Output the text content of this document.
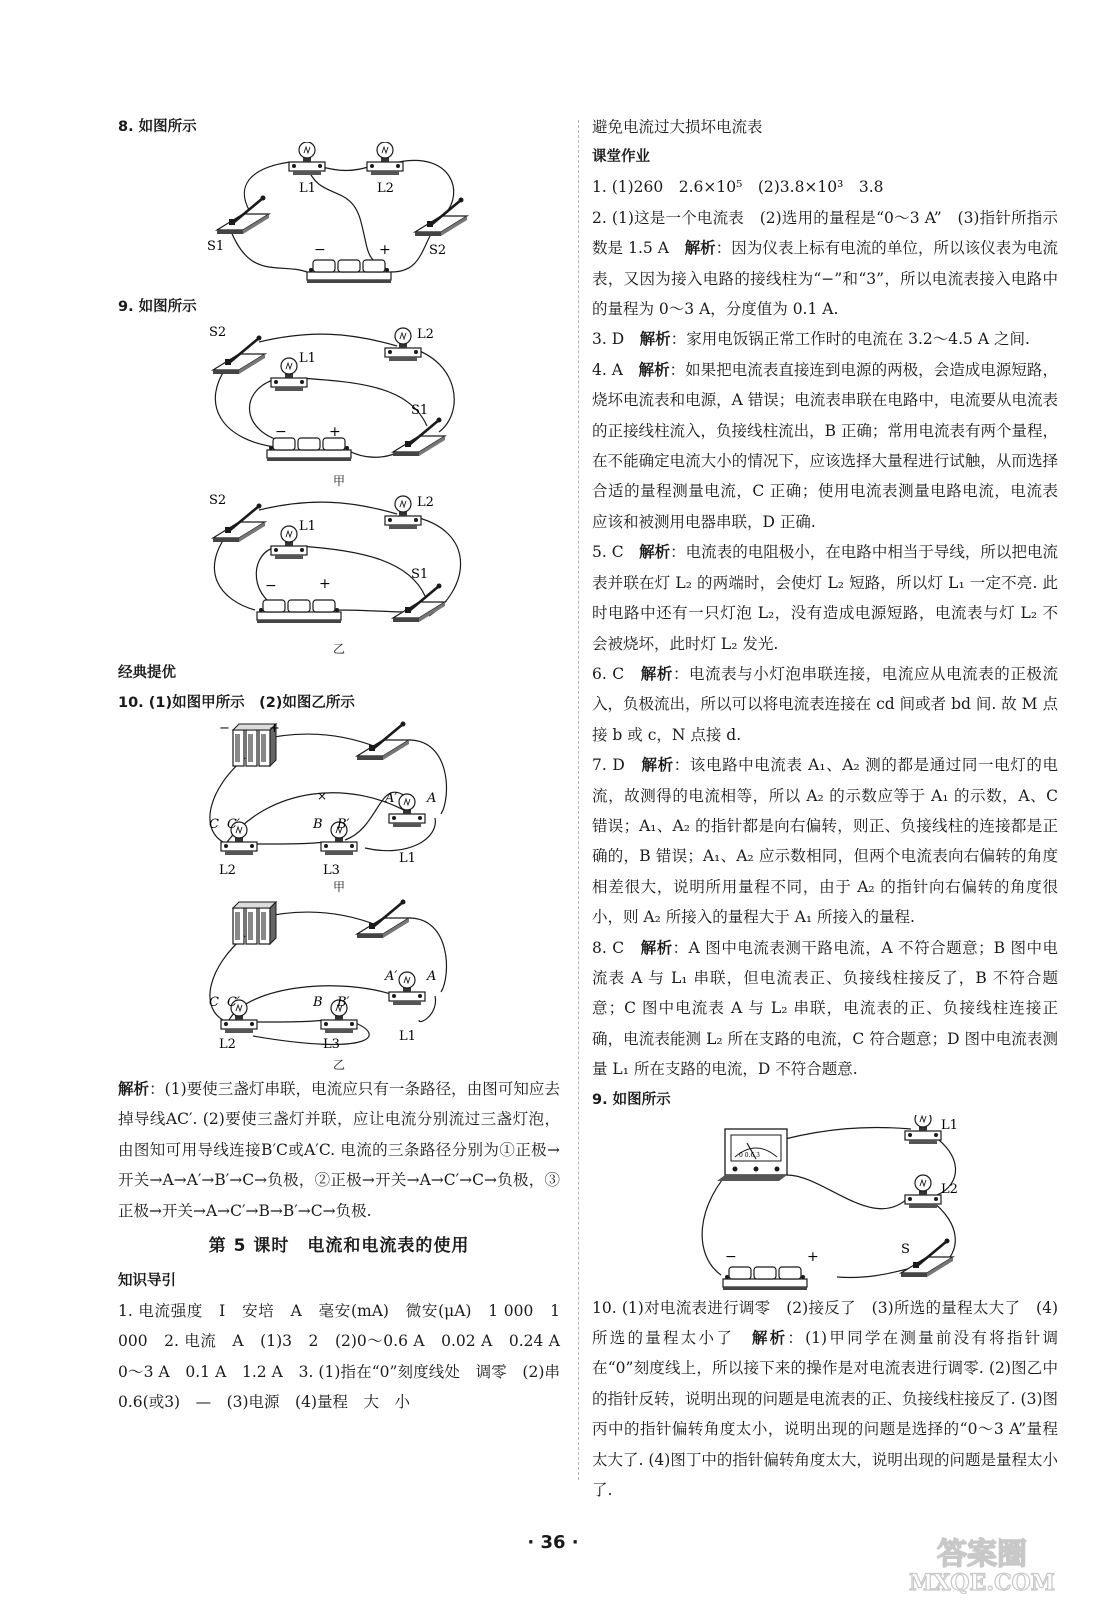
8. 如图所示
L1	L2
S1	S2
−	+
9. 如图所示
S2	L2
L1
S1
−	+
甲
S2	L2
L1
S1
−	+
乙
经典提优
10. (1)如图甲所示　(2)如图乙所示
×
−	+
A′ A
L1
C C′	B B′
L2	L3
甲
A′ A
L1
C C′	B B′
L2	L3
乙
解析：(1)要使三盏灯串联，电流应只有一条路径，由图可知应去掉导线AC′. (2)要使三盏灯并联，应让电流分别流过三盏灯泡，由图知可用导线连接B′C或A′C. 电流的三条路径分别为①正极→开关→A→A′→B′→C→负极，②正极→开关→A→C′→C→负极，③正极→开关→A→C′→B→B′→C→负极.
第 5 课时　电流和电流表的使用
知识导引
1. 电流强度　I　安培　A　毫安(mA)　微安(μA)　1 000　1 000　2. 电流　A　(1)3　2　(2)0～0.6 A　0.02 A　0.24 A　0～3 A　0.1 A　1.2 A　3. (1)指在“0”刻度线处　调零　(2)串　0.6(或3)　—　(3)电源　(4)量程　大　小
避免电流过大损坏电流表
课堂作业
1. (1)260　2.6×10⁵　(2)3.8×10³　3.8
2. (1)这是一个电流表　(2)选用的量程是“0～3 A”　(3)指针所指示数是 1.5 A　 解析：因为仪表上标有电流的单位，所以该仪表为电流表，又因为接入电路的接线柱为“−”和“3”，所以电流表接入电路中的量程为 0～3 A，分度值为 0.1 A.
3. D　 解析：家用电饭锅正常工作时的电流在 3.2～4.5 A 之间.
4. A　 解析：如果把电流表直接连到电源的两极，会造成电源短路，烧坏电流表和电源，A 错误；电流表串联在电路中，电流要从电流表的正接线柱流入，负接线柱流出，B 正确；常用电流表有两个量程，在不能确定电流大小的情况下，应该选择大量程进行试触，从而选择合适的量程测量电流，C 正确；使用电流表测量电路电流，电流表应该和被测用电器串联，D 正确.
5. C　 解析：电流表的电阻极小，在电路中相当于导线，所以把电流表并联在灯 L₂ 的两端时，会使灯 L₂ 短路，所以灯 L₁ 一定不亮. 此时电路中还有一只灯泡 L₂，没有造成电源短路，电流表与灯 L₂ 不会被烧坏，此时灯 L₂ 发光.
6. C　 解析：电流表与小灯泡串联连接，电流应从电流表的正极流入，负极流出，所以可以将电流表连接在 cd 间或者 bd 间. 故 M 点接 b 或 c，N 点接 d.
7. D　 解析：该电路中电流表 A₁、A₂ 测的都是通过同一电灯的电流，故测得的电流相等，所以 A₂ 的示数应等于 A₁ 的示数，A、C 错误；A₁、A₂ 的指针都是向右偏转，则正、负接线柱的连接都是正确的，B 错误；A₁、A₂ 应示数相同，但两个电流表向右偏转的角度相差很大，说明所用量程不同，由于 A₂ 的指针向右偏转的角度很小，则 A₂ 所接入的量程大于 A₁ 所接入的量程.
8. C　 解析：A 图中电流表测干路电流，A 不符合题意；B 图中电流表 A 与 L₁ 串联，但电流表正、负接线柱接反了，B 不符合题意；C 图中电流表 A 与 L₂ 串联，电流表的正、负接线柱连接正确，电流表能测 L₂ 所在支路的电流，C 符合题意；D 图中电流表测量 L₁ 所在支路的电流，D 不符合题意.
9. 如图所示
0 0.6 3
L1
L2
S
−	+
10. (1)对电流表进行调零　(2)接反了　(3)所选的量程太大了　(4)所选的量程太小了　 解析：(1)甲同学在测量前没有将指针调在“0”刻度线上，所以接下来的操作是对电流表进行调零. (2)图乙中的指针反转，说明出现的问题是电流表的正、负接线柱接反了. (3)图丙中的指针偏转角度太小，说明出现的问题是选择的“0～3 A”量程太大了. (4)图丁中的指针偏转角度太大，说明出现的问题是量程太小了.
· 36 ·	答案圈
MXQE.COM
